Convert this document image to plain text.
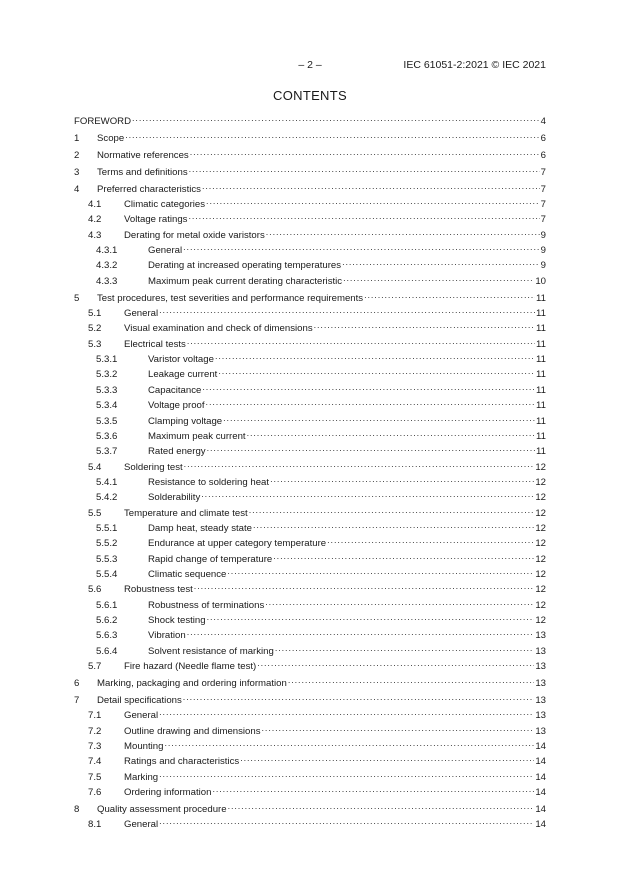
– 2 –	IEC 61051-2:2021 © IEC 2021
CONTENTS
FOREWORD . . .	4
1	Scope . . .	6
2	Normative references . . .	6
3	Terms and definitions . . .	7
4	Preferred characteristics . . .	7
4.1	Climatic categories . . .	7
4.2	Voltage ratings . . .	7
4.3	Derating for metal oxide varistors . . .	9
4.3.1	General . . .	9
4.3.2	Derating at increased operating temperatures . . .	9
4.3.3	Maximum peak current derating characteristic . . .	10
5	Test procedures, test severities and performance requirements . . .	11
5.1	General . . .	11
5.2	Visual examination and check of dimensions . . .	11
5.3	Electrical tests . . .	11
5.3.1	Varistor voltage . . .	11
5.3.2	Leakage current . . .	11
5.3.3	Capacitance . . .	11
5.3.4	Voltage proof . . .	11
5.3.5	Clamping voltage . . .	11
5.3.6	Maximum peak current . . .	11
5.3.7	Rated energy . . .	11
5.4	Soldering test . . .	12
5.4.1	Resistance to soldering heat . . .	12
5.4.2	Solderability . . .	12
5.5	Temperature and climate test . . .	12
5.5.1	Damp heat, steady state . . .	12
5.5.2	Endurance at upper category temperature . . .	12
5.5.3	Rapid change of temperature . . .	12
5.5.4	Climatic sequence . . .	12
5.6	Robustness test . . .	12
5.6.1	Robustness of terminations . . .	12
5.6.2	Shock testing . . .	12
5.6.3	Vibration . . .	13
5.6.4	Solvent resistance of marking . . .	13
5.7	Fire hazard (Needle flame test) . . .	13
6	Marking, packaging and ordering information . . .	13
7	Detail specifications . . .	13
7.1	General . . .	13
7.2	Outline drawing and dimensions . . .	13
7.3	Mounting . . .	14
7.4	Ratings and characteristics . . .	14
7.5	Marking . . .	14
7.6	Ordering information . . .	14
8	Quality assessment procedure . . .	14
8.1	General . . .	14
